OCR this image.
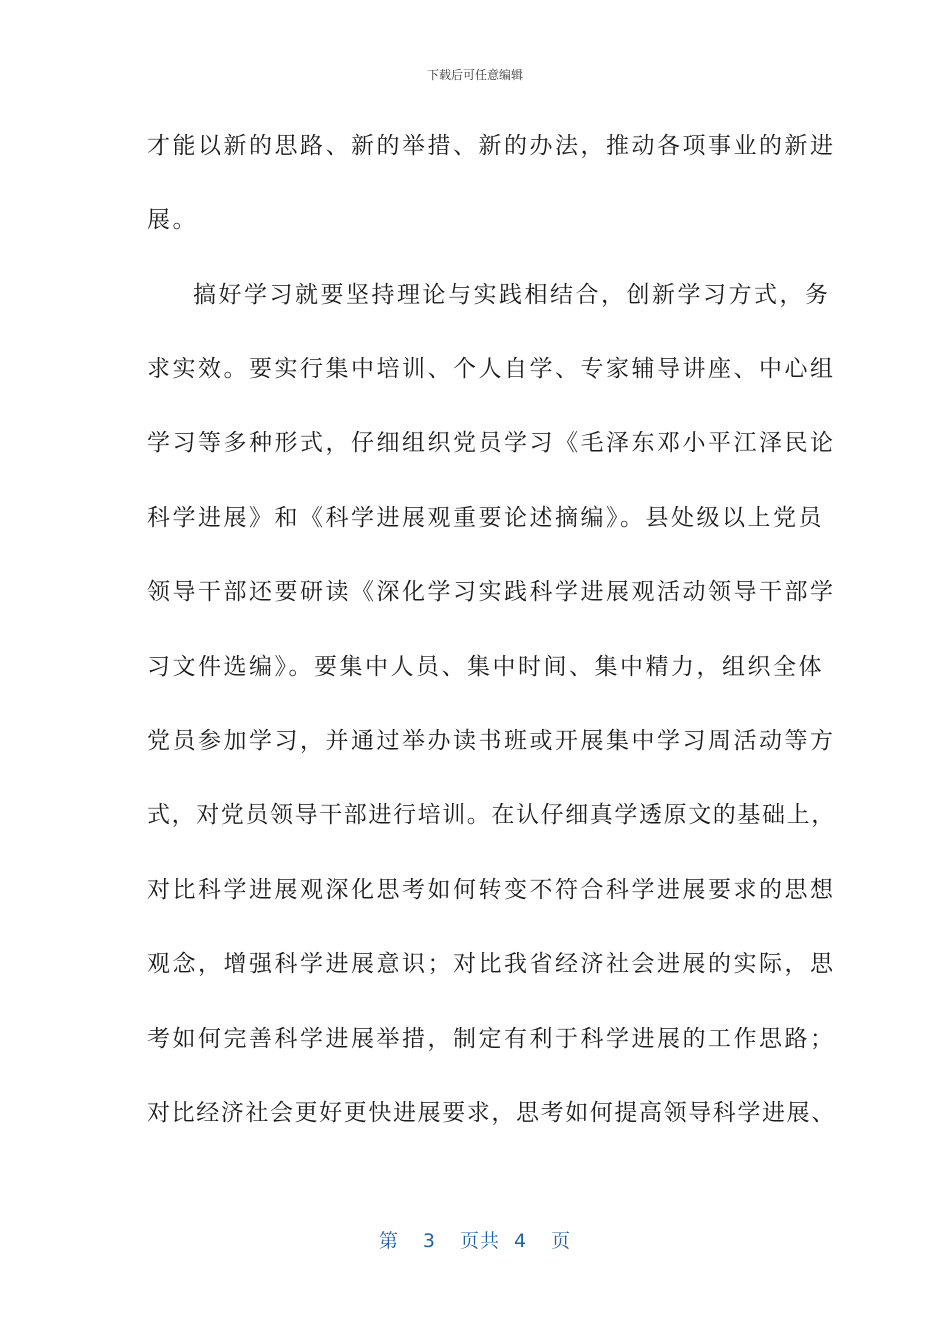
下载后可任意编辑
才能以新的思路、新的举措、新的办法，推动各项事业的新进
展。
搞好学习就要坚持理论与实践相结合，创新学习方式，务
求实效。要实行集中培训、个人自学、专家辅导讲座、中心组
学习等多种形式，仔细组织党员学习《毛泽东邓小平江泽民论
科学进展》和《科学进展观重要论述摘编》。县处级以上党员
领导干部还要研读《深化学习实践科学进展观活动领导干部学
习文件选编》。要集中人员、集中时间、集中精力，组织全体
党员参加学习，并通过举办读书班或开展集中学习周活动等方
式，对党员领导干部进行培训。在认仔细真学透原文的基础上，
对比科学进展观深化思考如何转变不符合科学进展要求的思想
观念，增强科学进展意识；对比我省经济社会进展的实际，思
考如何完善科学进展举措，制定有利于科学进展的工作思路；
对比经济社会更好更快进展要求，思考如何提高领导科学进展、
第 3 页共 4 页
